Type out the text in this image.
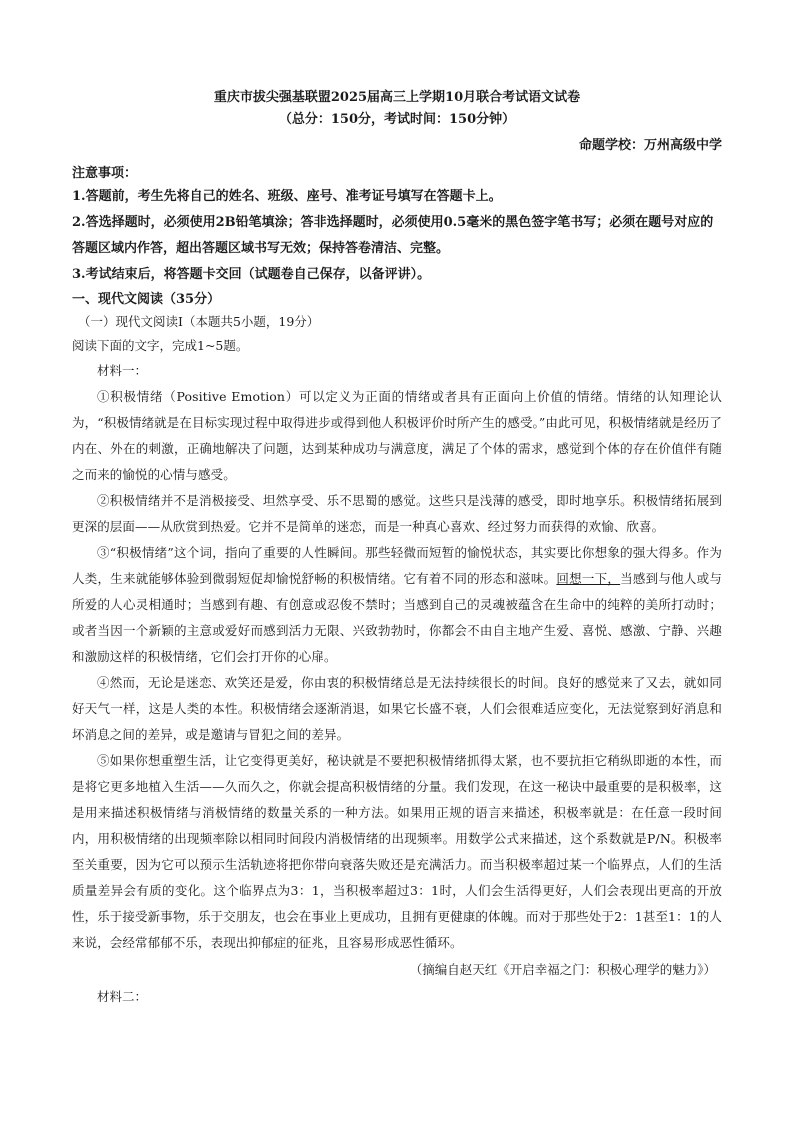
重庆市拔尖强基联盟2025届高三上学期10月联合考试语文试卷
（总分：150分，考试时间：150分钟）
命题学校：万州高级中学
注意事项：
1.答题前，考生先将自己的姓名、班级、座号、准考证号填写在答题卡上。
2.答选择题时，必须使用2B铅笔填涂；答非选择题时，必须使用0.5毫米的黑色签字笔书写；必须在题号对应的答题区域内作答，超出答题区域书写无效；保持答卷清洁、完整。
3.考试结束后，将答题卡交回（试题卷自己保存，以备评讲）。
一、现代文阅读（35分）
（一）现代文阅读Ⅰ（本题共5小题，19分）
阅读下面的文字，完成1~5题。
材料一：

①积极情绪（Positive Emotion）可以定义为正面的情绪或者具有正面向上价值的情绪。情绪的认知理论认为，“积极情绪就是在目标实现过程中取得进步或得到他人积极评价时所产生的感受。”由此可见，积极情绪就是经历了内在、外在的刺激，正确地解决了问题，达到某种成功与满意度，满足了个体的需求，感觉到个体的存在价值伴有随之而来的愉悦的心情与感受。

②积极情绪并不是消极接受、坦然享受、乐不思蜀的感觉。这些只是浅薄的感受，即时地享乐。积极情绪拓展到更深的层面——从欣赏到热爱。它并不是简单的迷恋，而是一种真心喜欢、经过努力而获得的欢愉、欣喜。

③“积极情绪”这个词，指向了重要的人性瞬间。那些轻微而短暂的愉悦状态，其实要比你想象的强大得多。作为人类，生来就能够体验到微弱短促却愉悦舒畅的积极情绪。它有着不同的形态和滋味。回想一下，当感到与他人或与所爱的人心灵相通时；当感到有趣、有创意或忍俊不禁时；当感到自己的灵魂被蕴含在生命中的纯粹的美所打动时；或者当因一个新颖的主意或爱好而感到活力无限、兴致勃勃时，你都会不由自主地产生爱、喜悦、感激、宁静、兴趣和激励这样的积极情绪，它们会打开你的心扉。

④然而，无论是迷恋、欢笑还是爱，你由衷的积极情绪总是无法持续很长的时间。良好的感觉来了又去，就如同好天气一样，这是人类的本性。积极情绪会逐渐消退，如果它长盛不衰，人们会很难适应变化，无法觉察到好消息和坏消息之间的差异，或是邀请与冒犯之间的差异。

⑤如果你想重塑生活，让它变得更美好，秘诀就是不要把积极情绪抓得太紧，也不要抗拒它稍纵即逝的本性，而是将它更多地植入生活——久而久之，你就会提高积极情绪的分量。我们发现，在这一秘诀中最重要的是积极率，这是用来描述积极情绪与消极情绪的数量关系的一种方法。如果用正规的语言来描述，积极率就是：在任意一段时间内，用积极情绪的出现频率除以相同时间段内消极情绪的出现频率。用数学公式来描述，这个系数就是P/N。积极率至关重要，因为它可以预示生活轨迹将把你带向衰落失败还是充满活力。而当积极率超过某一个临界点，人们的生活质量差异会有质的变化。这个临界点为3：1，当积极率超过3：1时，人们会生活得更好，人们会表现出更高的开放性，乐于接受新事物，乐于交朋友，也会在事业上更成功，且拥有更健康的体魄。而对于那些处于2：1甚至1：1的人来说，会经常郁郁不乐，表现出抑郁症的征兆，且容易形成恶性循环。

（摘编自赵天红《开启幸福之门：积极心理学的魅力》）
材料二：
